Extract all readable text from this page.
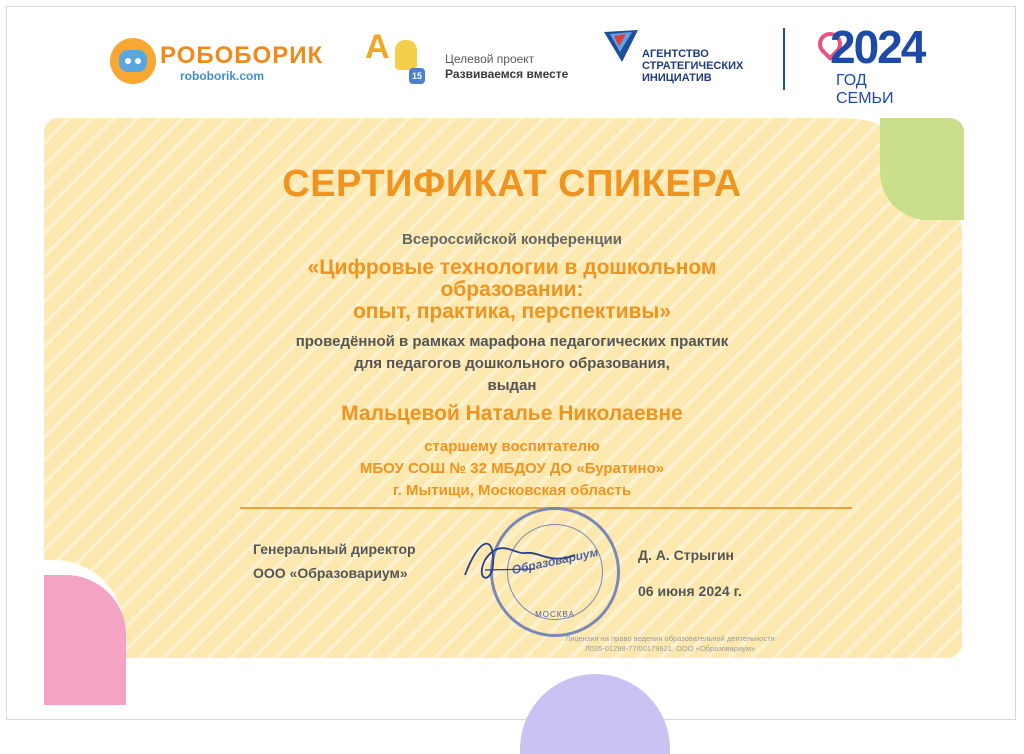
РОБОБОРИК
roboborik.com
A
15
Целевой проект
Развиваемся вместе
АГЕНТСТВО
СТРАТЕГИЧЕСКИХ
ИНИЦИАТИВ
2024
ГОД СЕМЬИ
СЕРТИФИКАТ СПИКЕРА
Всероссийской конференции
«Цифровые технологии в дошкольном
образовании:
опыт, практика, перспективы»
проведённой в рамках марафона педагогических практик
для педагогов дошкольного образования,
выдан
Мальцевой Наталье Николаевне
старшему воспитателю
МБОУ СОШ № 32 МБДОУ ДО «Буратино»
г. Мытищи, Московская область
Генеральный директор
ООО «Образовариум»	Образовариум
МОСКВА
Д. А. Стрыгин
06 июня 2024 г.
Лицензия на право ведения образовательной деятельности
Л035-01298-77/00179621. ООО «Образовариум»
